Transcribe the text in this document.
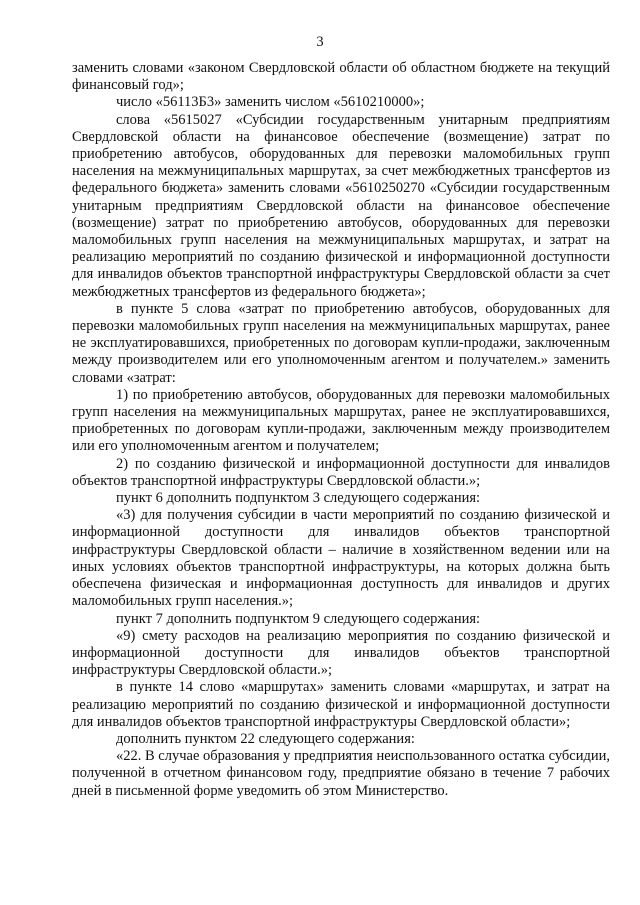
3

заменить словами «законом Свердловской области об областном бюджете на текущий финансовый год»;

число «56113Б3» заменить числом «5610210000»;

слова «5615027 «Субсидии государственным унитарным предприятиям Свердловской области на финансовое обеспечение (возмещение) затрат по приобретению автобусов, оборудованных для перевозки маломобильных групп населения на межмуниципальных маршрутах, за счет межбюджетных трансфертов из федерального бюджета» заменить словами «5610250270 «Субсидии государственным унитарным предприятиям Свердловской области на финансовое обеспечение (возмещение) затрат по приобретению автобусов, оборудованных для перевозки маломобильных групп населения на межмуниципальных маршрутах, и затрат на реализацию мероприятий по созданию физической и информационной доступности для инвалидов объектов транспортной инфраструктуры Свердловской области за счет межбюджетных трансфертов из федерального бюджета»;

в пункте 5 слова «затрат по приобретению автобусов, оборудованных для перевозки маломобильных групп населения на межмуниципальных маршрутах, ранее не эксплуатировавшихся, приобретенных по договорам купли-продажи, заключенным между производителем или его уполномоченным агентом и получателем.» заменить словами «затрат:

1) по приобретению автобусов, оборудованных для перевозки маломобильных групп населения на межмуниципальных маршрутах, ранее не эксплуатировавшихся, приобретенных по договорам купли-продажи, заключенным между производителем или его уполномоченным агентом и получателем;

2) по созданию физической и информационной доступности для инвалидов объектов транспортной инфраструктуры Свердловской области.»;

пункт 6 дополнить подпунктом 3 следующего содержания:

«3) для получения субсидии в части мероприятий по созданию физической и информационной доступности для инвалидов объектов транспортной инфраструктуры Свердловской области – наличие в хозяйственном ведении или на иных условиях объектов транспортной инфраструктуры, на которых должна быть обеспечена физическая и информационная доступность для инвалидов и других маломобильных групп населения.»;

пункт 7 дополнить подпунктом 9 следующего содержания:

«9) смету расходов на реализацию мероприятия по созданию физической и информационной доступности для инвалидов объектов транспортной инфраструктуры Свердловской области.»;

в пункте 14 слово «маршрутах» заменить словами «маршрутах, и затрат на реализацию мероприятий по созданию физической и информационной доступности для инвалидов объектов транспортной инфраструктуры Свердловской области»;

дополнить пунктом 22 следующего содержания:

«22. В случае образования у предприятия неиспользованного остатка субсидии, полученной в отчетном финансовом году, предприятие обязано в течение 7 рабочих дней в письменной форме уведомить об этом Министерство.
